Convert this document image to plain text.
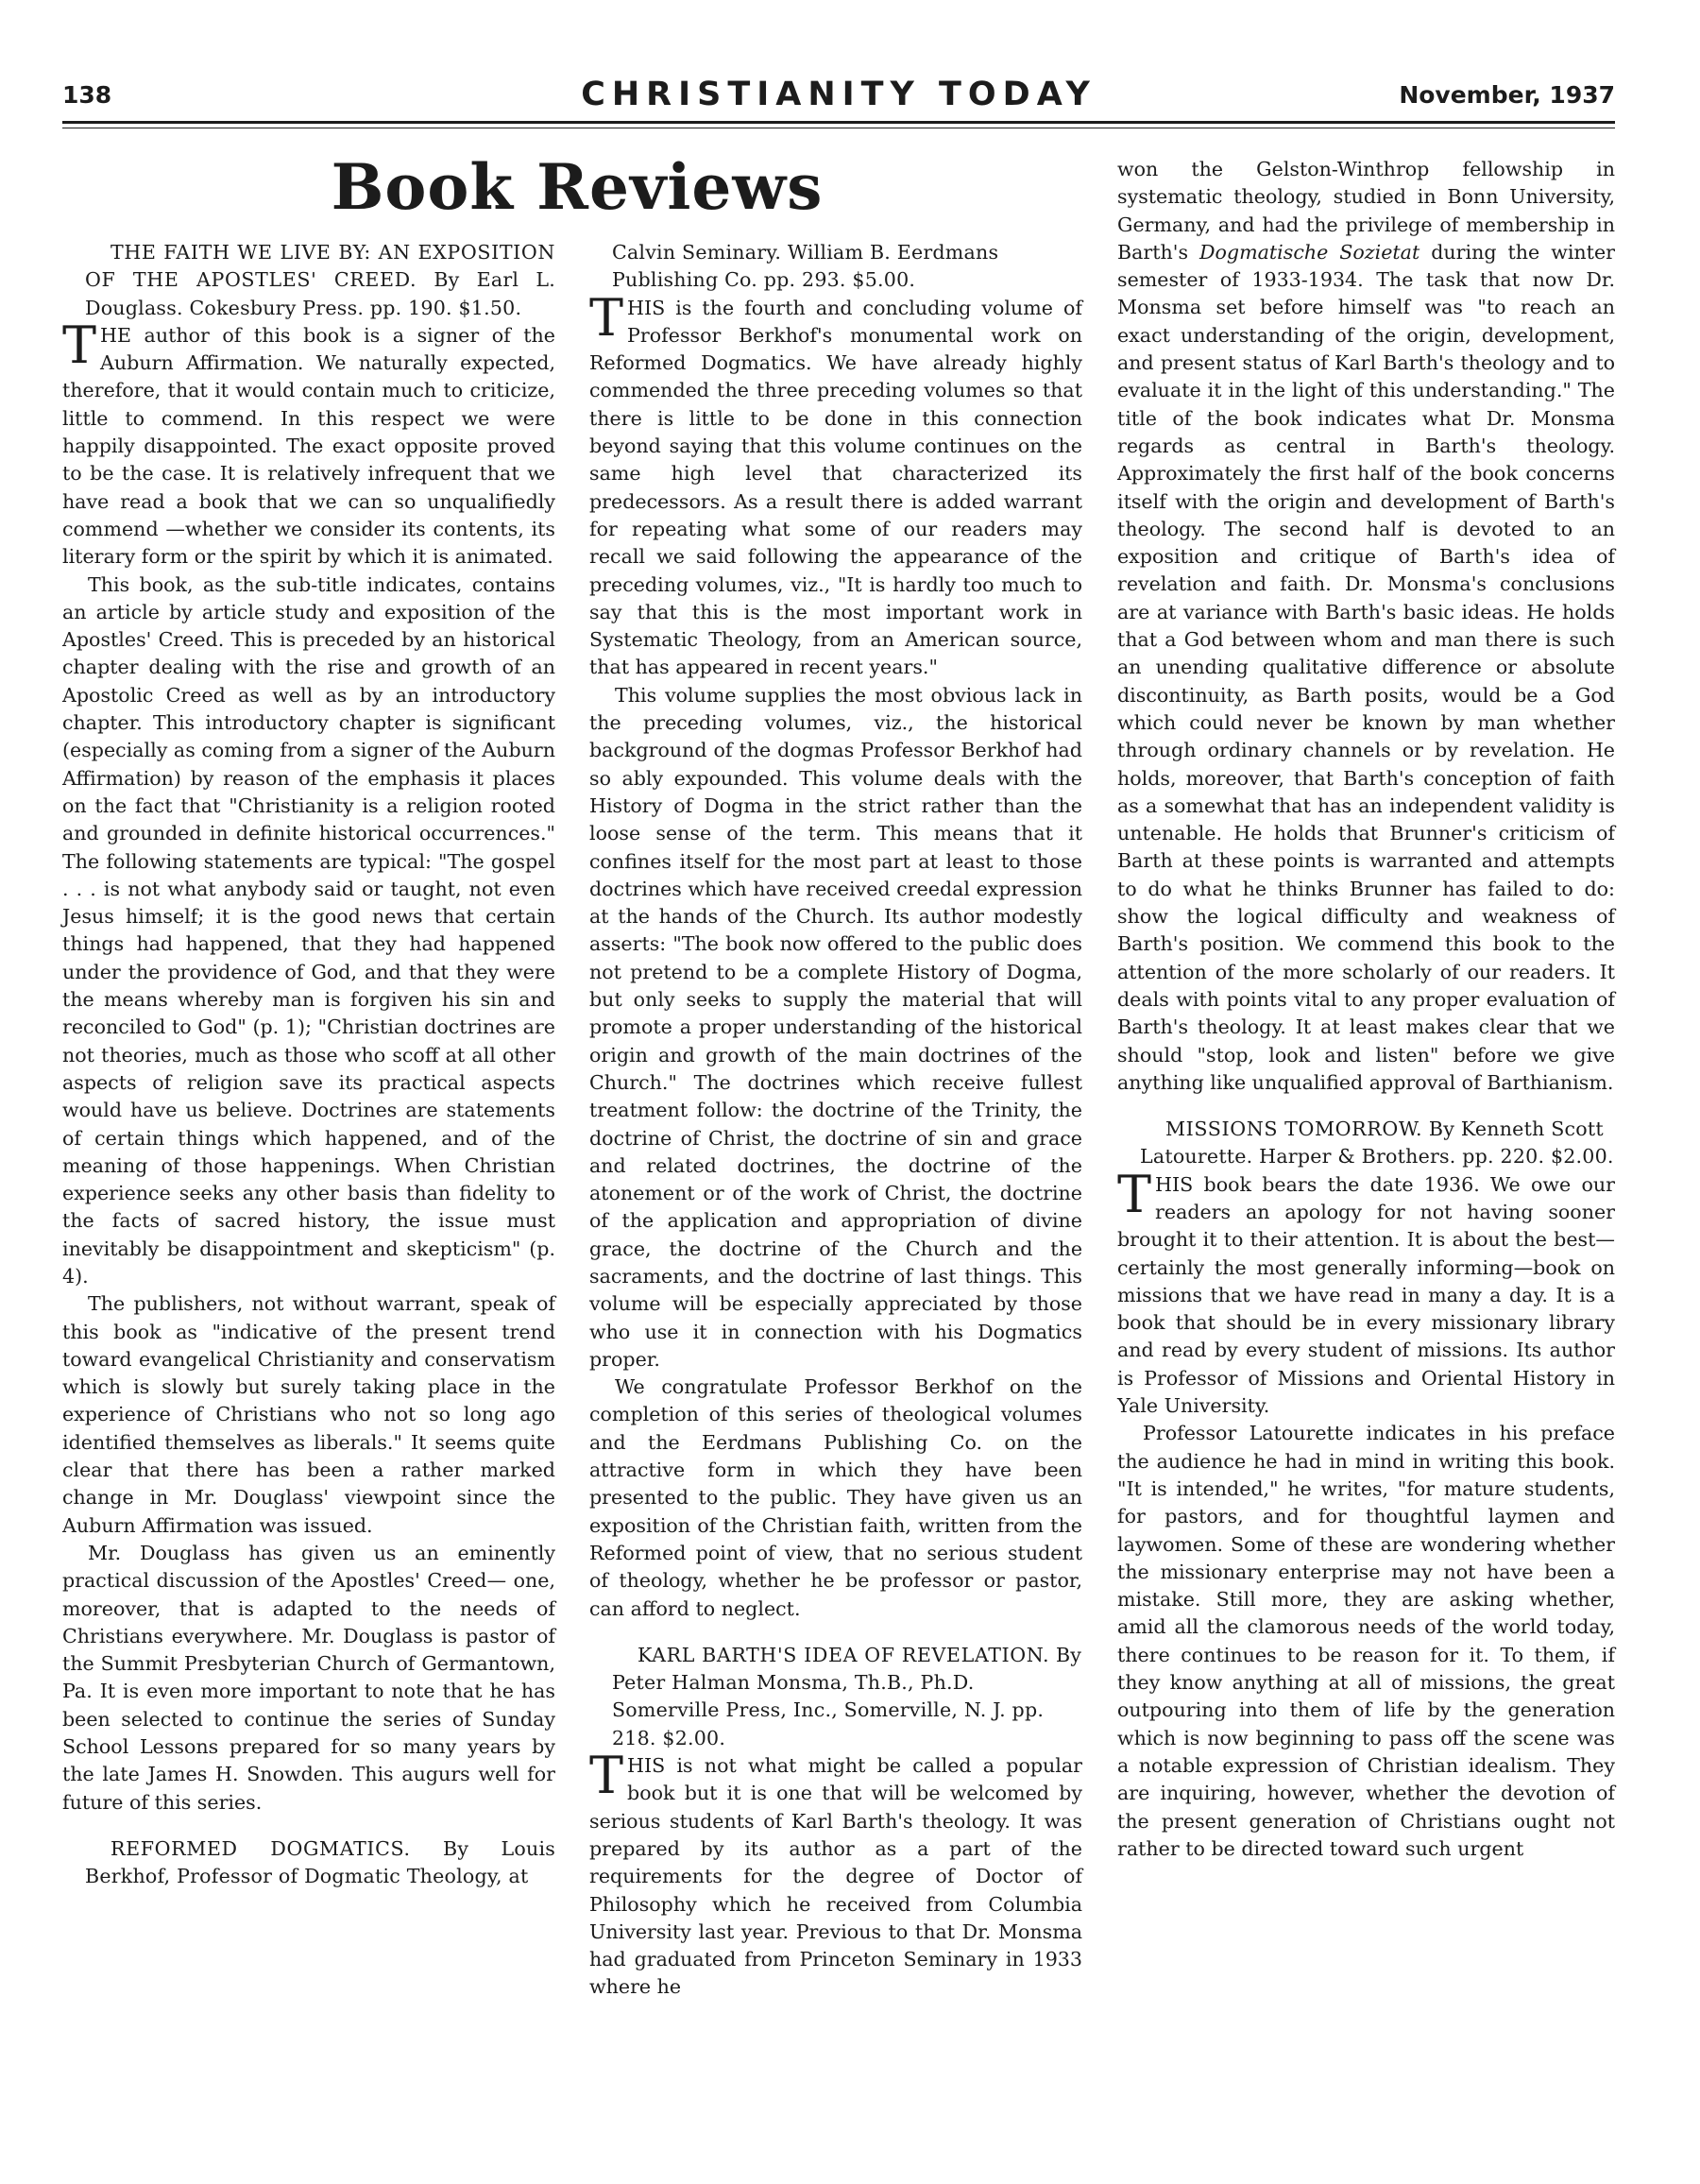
138	CHRISTIANITY TODAY	November, 1937
Book Reviews

THE FAITH WE LIVE BY: AN EXPOSITION OF THE APOSTLES' CREED. By Earl L. Douglass. Cokesbury Press. pp. 190. $1.50.

THE author of this book is a signer of the Auburn Affirmation. We naturally expected, therefore, that it would contain much to criticize, little to commend. In this respect we were happily disappointed. The exact opposite proved to be the case. It is relatively infrequent that we have read a book that we can so unqualifiedly commend —whether we consider its contents, its literary form or the spirit by which it is animated.

This book, as the sub-title indicates, contains an article by article study and exposition of the Apostles' Creed. This is preceded by an historical chapter dealing with the rise and growth of an Apostolic Creed as well as by an introductory chapter. This introductory chapter is significant (especially as coming from a signer of the Auburn Affirmation) by reason of the emphasis it places on the fact that "Christianity is a religion rooted and grounded in definite historical occurrences." The following statements are typical: "The gospel . . . is not what anybody said or taught, not even Jesus himself; it is the good news that certain things had happened, that they had happened under the providence of God, and that they were the means whereby man is forgiven his sin and reconciled to God" (p. 1); "Christian doctrines are not theories, much as those who scoff at all other aspects of religion save its practical aspects would have us believe. Doctrines are statements of certain things which happened, and of the meaning of those happenings. When Christian experience seeks any other basis than fidelity to the facts of sacred history, the issue must inevitably be disappointment and skepticism" (p. 4).

The publishers, not without warrant, speak of this book as "indicative of the present trend toward evangelical Christianity and conservatism which is slowly but surely taking place in the experience of Christians who not so long ago identified themselves as liberals." It seems quite clear that there has been a rather marked change in Mr. Douglass' viewpoint since the Auburn Affirmation was issued.

Mr. Douglass has given us an eminently practical discussion of the Apostles' Creed— one, moreover, that is adapted to the needs of Christians everywhere. Mr. Douglass is pastor of the Summit Presbyterian Church of Germantown, Pa. It is even more important to note that he has been selected to continue the series of Sunday School Lessons prepared for so many years by the late James H. Snowden. This augurs well for future of this series.

REFORMED DOGMATICS. By Louis Berkhof, Professor of Dogmatic Theology, at

Calvin Seminary. William B. Eerdmans Publishing Co. pp. 293. $5.00.

THIS is the fourth and concluding volume of Professor Berkhof's monumental work on Reformed Dogmatics. We have already highly commended the three preceding volumes so that there is little to be done in this connection beyond saying that this volume continues on the same high level that characterized its predecessors. As a result there is added warrant for repeating what some of our readers may recall we said following the appearance of the preceding volumes, viz., "It is hardly too much to say that this is the most important work in Systematic Theology, from an American source, that has appeared in recent years."

This volume supplies the most obvious lack in the preceding volumes, viz., the historical background of the dogmas Professor Berkhof had so ably expounded. This volume deals with the History of Dogma in the strict rather than the loose sense of the term. This means that it confines itself for the most part at least to those doctrines which have received creedal expression at the hands of the Church. Its author modestly asserts: "The book now offered to the public does not pretend to be a complete History of Dogma, but only seeks to supply the material that will promote a proper understanding of the historical origin and growth of the main doctrines of the Church." The doctrines which receive fullest treatment follow: the doctrine of the Trinity, the doctrine of Christ, the doctrine of sin and grace and related doctrines, the doctrine of the atonement or of the work of Christ, the doctrine of the application and appropriation of divine grace, the doctrine of the Church and the sacraments, and the doctrine of last things. This volume will be especially appreciated by those who use it in connection with his Dogmatics proper.

We congratulate Professor Berkhof on the completion of this series of theological volumes and the Eerdmans Publishing Co. on the attractive form in which they have been presented to the public. They have given us an exposition of the Christian faith, written from the Reformed point of view, that no serious student of theology, whether he be professor or pastor, can afford to neglect.

KARL BARTH'S IDEA OF REVELATION. By Peter Halman Monsma, Th.B., Ph.D. Somerville Press, Inc., Somerville, N. J. pp. 218. $2.00.

THIS is not what might be called a popular book but it is one that will be welcomed by serious students of Karl Barth's theology. It was prepared by its author as a part of the requirements for the degree of Doctor of Philosophy which he received from Columbia University last year. Previous to that Dr. Monsma had graduated from Princeton Seminary in 1933 where he

won the Gelston-Winthrop fellowship in systematic theology, studied in Bonn University, Germany, and had the privilege of membership in Barth's Dogmatische Sozietat during the winter semester of 1933-1934. The task that now Dr. Monsma set before himself was "to reach an exact understanding of the origin, development, and present status of Karl Barth's theology and to evaluate it in the light of this understanding." The title of the book indicates what Dr. Monsma regards as central in Barth's theology. Approximately the first half of the book concerns itself with the origin and development of Barth's theology. The second half is devoted to an exposition and critique of Barth's idea of revelation and faith. Dr. Monsma's conclusions are at variance with Barth's basic ideas. He holds that a God between whom and man there is such an unending qualitative difference or absolute discontinuity, as Barth posits, would be a God which could never be known by man whether through ordinary channels or by revelation. He holds, moreover, that Barth's conception of faith as a somewhat that has an independent validity is untenable. He holds that Brunner's criticism of Barth at these points is warranted and attempts to do what he thinks Brunner has failed to do: show the logical difficulty and weakness of Barth's position. We commend this book to the attention of the more scholarly of our readers. It deals with points vital to any proper evaluation of Barth's theology. It at least makes clear that we should "stop, look and listen" before we give anything like unqualified approval of Barthianism.

MISSIONS TOMORROW. By Kenneth Scott Latourette. Harper & Brothers. pp. 220. $2.00.

THIS book bears the date 1936. We owe our readers an apology for not having sooner brought it to their attention. It is about the best—certainly the most generally informing—book on missions that we have read in many a day. It is a book that should be in every missionary library and read by every student of missions. Its author is Professor of Missions and Oriental History in Yale University.

Professor Latourette indicates in his preface the audience he had in mind in writing this book. "It is intended," he writes, "for mature students, for pastors, and for thoughtful laymen and laywomen. Some of these are wondering whether the missionary enterprise may not have been a mistake. Still more, they are asking whether, amid all the clamorous needs of the world today, there continues to be reason for it. To them, if they know anything at all of missions, the great outpouring into them of life by the generation which is now beginning to pass off the scene was a notable expression of Christian idealism. They are inquiring, however, whether the devotion of the present generation of Christians ought not rather to be directed toward such urgent
